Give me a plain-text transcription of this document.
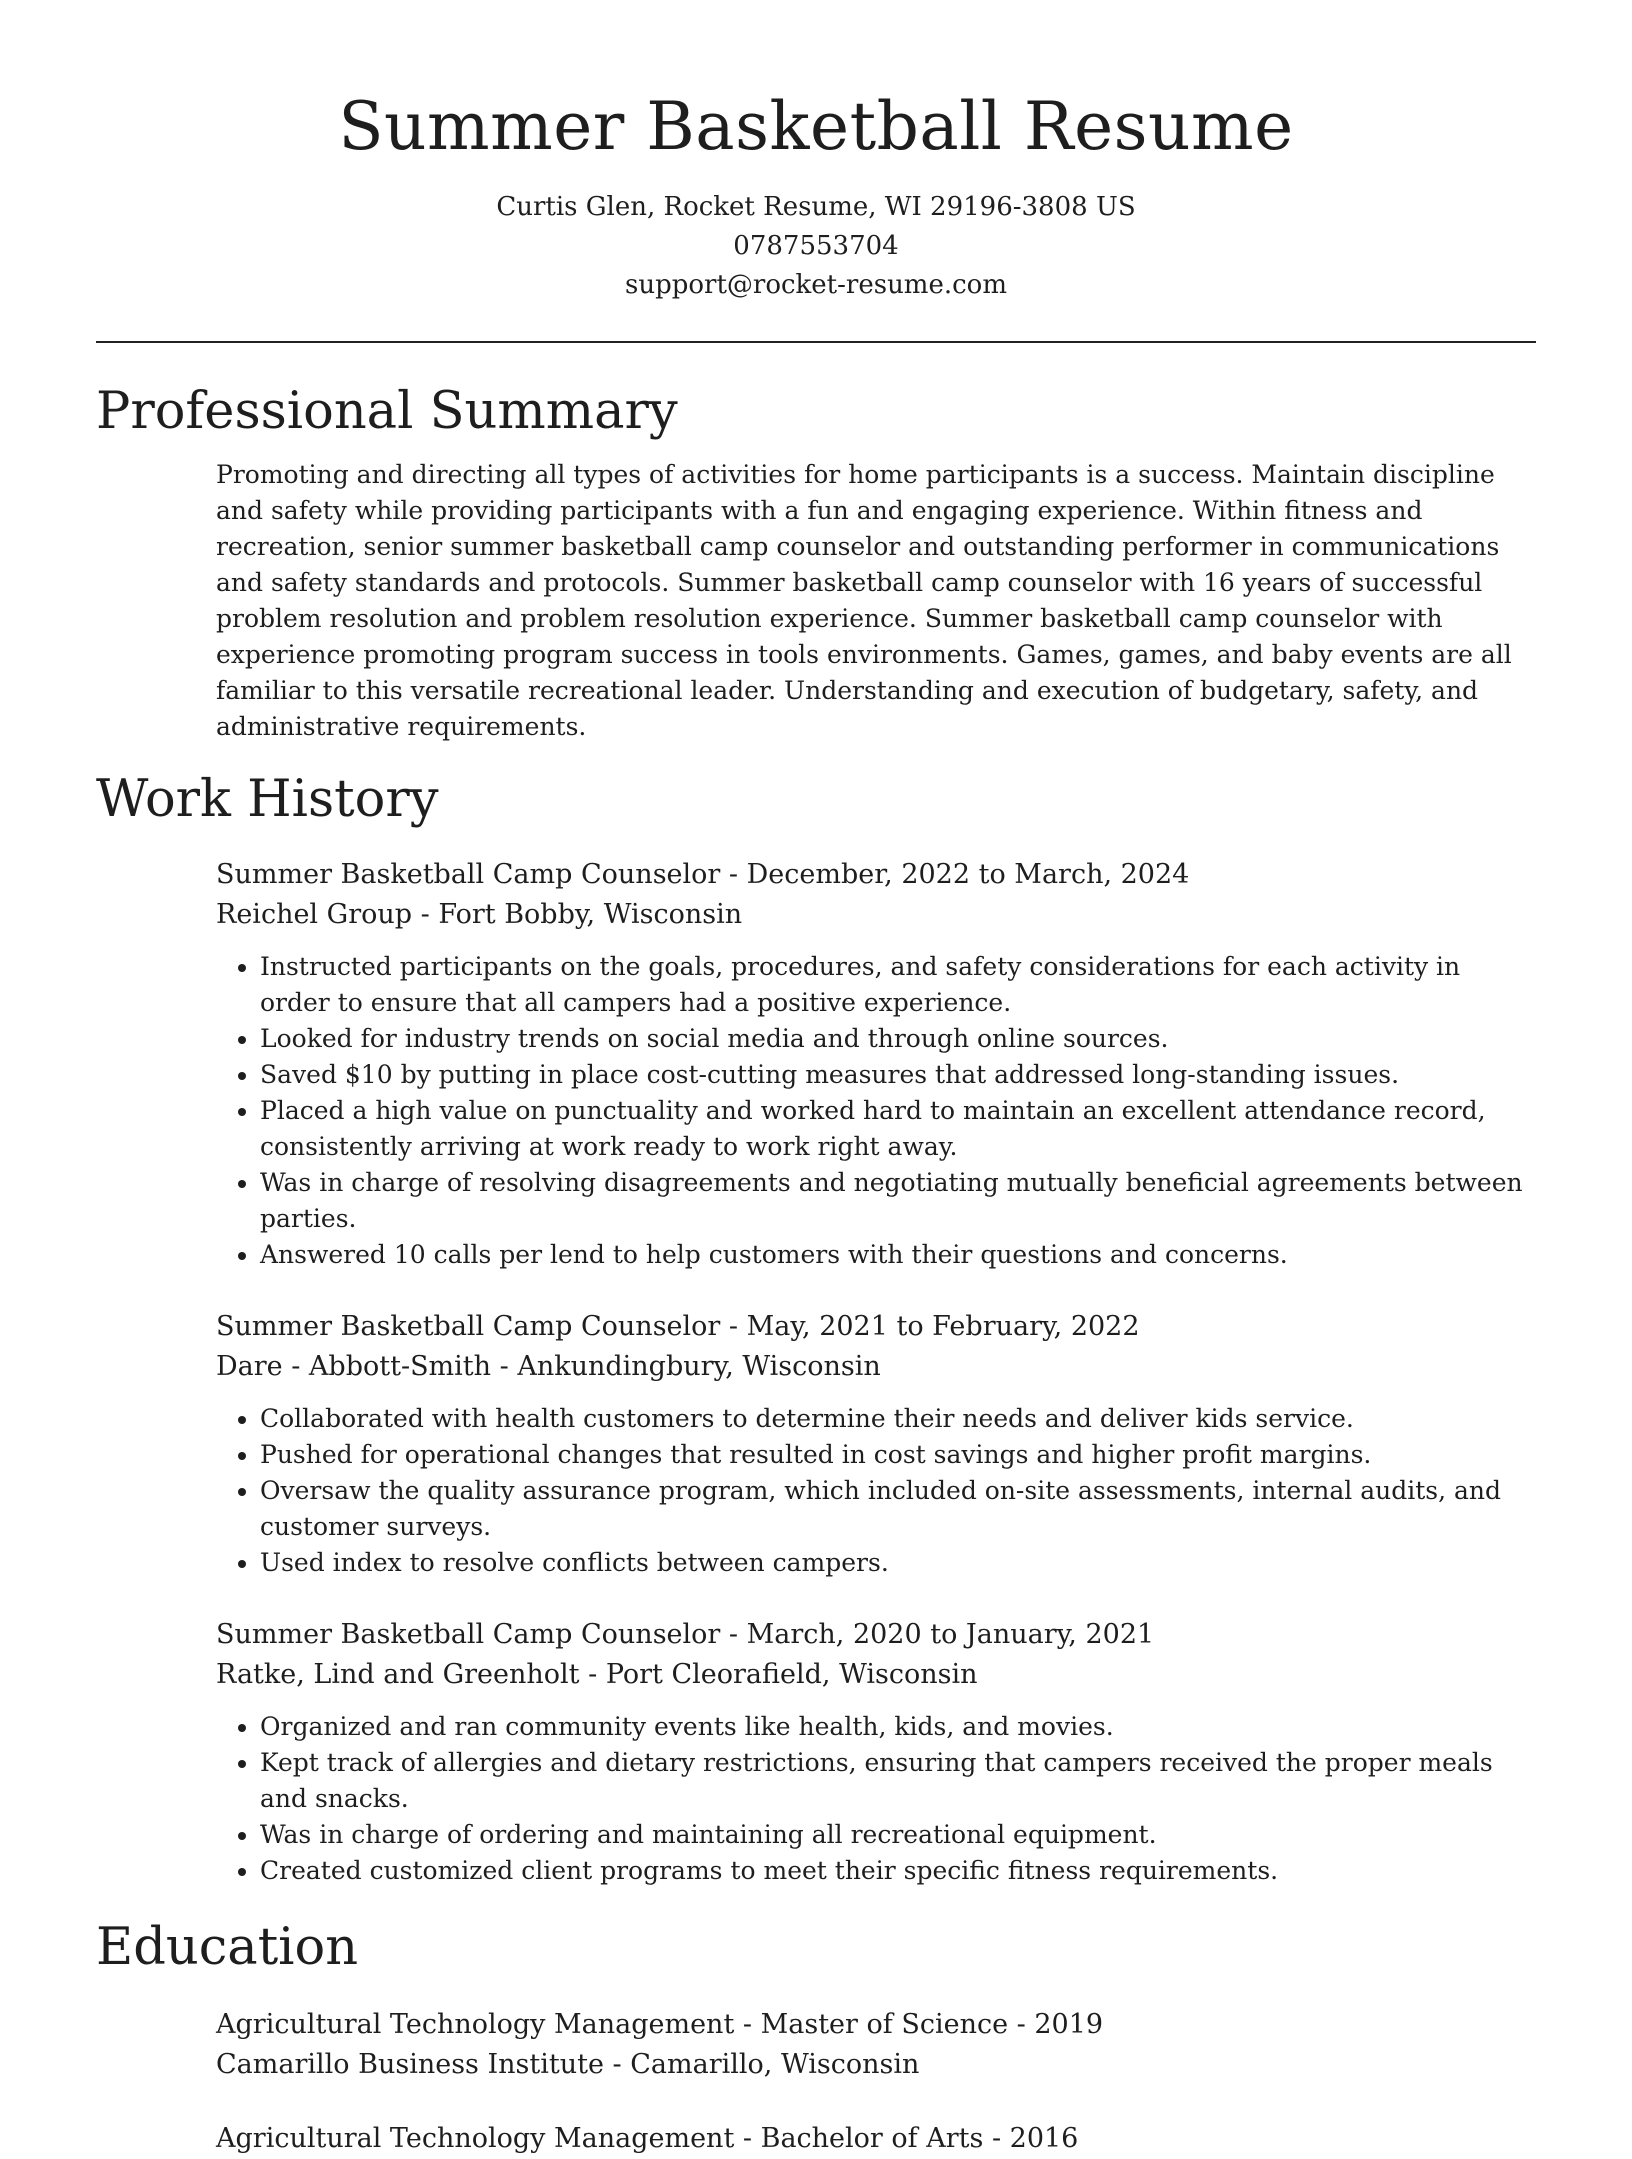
Summer Basketball Resume
Curtis Glen, Rocket Resume, WI 29196-3808 US
0787553704
support@rocket-resume.com
Professional Summary

Promoting and directing all types of activities for home participants is a success. Maintain discipline and safety while providing participants with a fun and engaging experience. Within fitness and recreation, senior summer basketball camp counselor and outstanding performer in communications and safety standards and protocols. Summer basketball camp counselor with 16 years of successful problem resolution and problem resolution experience. Summer basketball camp counselor with experience promoting program success in tools environments. Games, games, and baby events are all familiar to this versatile recreational leader. Understanding and execution of budgetary, safety, and administrative requirements.

Work History
Summer Basketball Camp Counselor - December, 2022 to March, 2024
Reichel Group - Fort Bobby, Wisconsin
• Instructed participants on the goals, procedures, and safety considerations for each activity in order to ensure that all campers had a positive experience.
• Looked for industry trends on social media and through online sources.
• Saved $10 by putting in place cost-cutting measures that addressed long-standing issues.
• Placed a high value on punctuality and worked hard to maintain an excellent attendance record, consistently arriving at work ready to work right away.
• Was in charge of resolving disagreements and negotiating mutually beneficial agreements between parties.
• Answered 10 calls per lend to help customers with their questions and concerns.
Summer Basketball Camp Counselor - May, 2021 to February, 2022
Dare - Abbott-Smith - Ankundingbury, Wisconsin
• Collaborated with health customers to determine their needs and deliver kids service.
• Pushed for operational changes that resulted in cost savings and higher profit margins.
• Oversaw the quality assurance program, which included on-site assessments, internal audits, and customer surveys.
• Used index to resolve conflicts between campers.
Summer Basketball Camp Counselor - March, 2020 to January, 2021
Ratke, Lind and Greenholt - Port Cleorafield, Wisconsin
• Organized and ran community events like health, kids, and movies.
• Kept track of allergies and dietary restrictions, ensuring that campers received the proper meals and snacks.
• Was in charge of ordering and maintaining all recreational equipment.
• Created customized client programs to meet their specific fitness requirements.
Education
Agricultural Technology Management - Master of Science - 2019
Camarillo Business Institute - Camarillo, Wisconsin
Agricultural Technology Management - Bachelor of Arts - 2016
